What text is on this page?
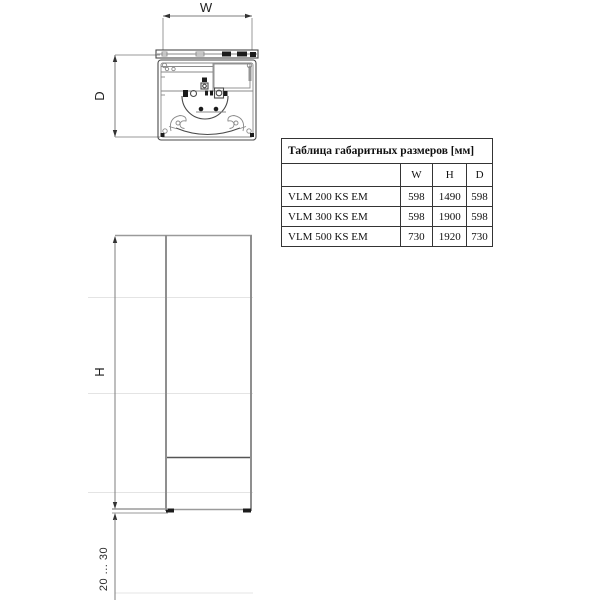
W
D
H
20 ... 30
Таблица габаритных размеров [мм]			
	W	H	D
VLM 200 KS EM	598	1490	598
VLM 300 KS EM	598	1900	598
VLM 500 KS EM	730	1920	730
